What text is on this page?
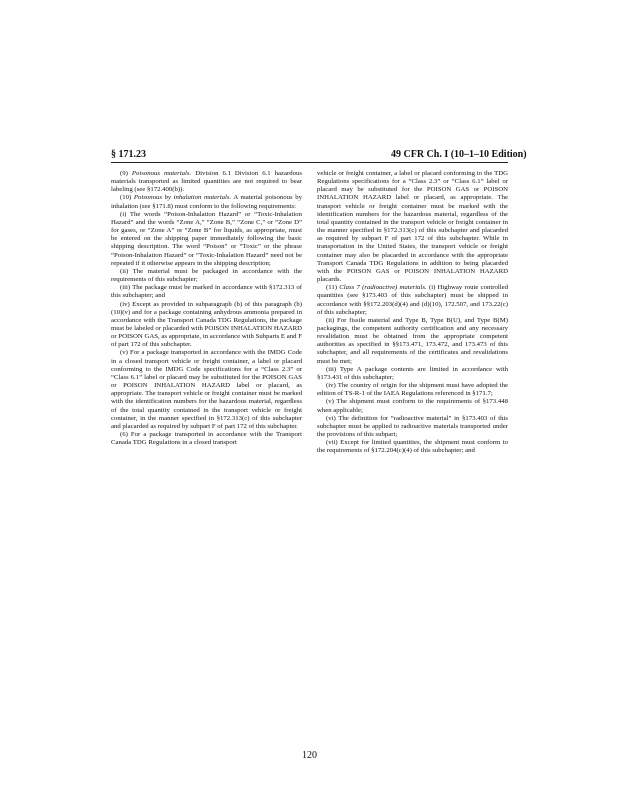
§ 171.23	49 CFR Ch. I (10–1–10 Edition)

(9) Poisonous materials. Division 6.1 Division 6.1 hazardous materials transported as limited quantities are not required to bear labeling (see §172.400(b)).

(10) Poisonous by inhalation materials. A material poisonous by inhalation (see §171.8) must conform to the following requirements:

(i) The words “Poison-Inhalation Hazard” or “Toxic-Inhalation Hazard” and the words “Zone A,” “Zone B,” “Zone C,” or “Zone D” for gases, or “Zone A” or “Zone B” for liquids, as appropriate, must be entered on the shipping paper immediately following the basic shipping description. The word “Poison” or “Toxic” or the phrase “Poison-Inhalation Hazard” or “Toxic-Inhalation Hazard” need not be repeated if it otherwise appears in the shipping description;

(ii) The material must be packaged in accordance with the requirements of this subchapter;

(iii) The package must be marked in accordance with §172.313 of this subchapter; and

(iv) Except as provided in subparagraph (b) of this paragraph (b)(10)(v) and for a package containing anhydrous ammonia prepared in accordance with the Transport Canada TDG Regulations, the package must be labeled or placarded with POISON INHALATION HAZARD or POISON GAS, as appropriate, in accordance with Subparts E and F of part 172 of this subchapter.

(v) For a package transported in accordance with the IMDG Code in a closed transport vehicle or freight container, a label or placard conforming to the IMDG Code specifications for a “Class 2.3” or “Class 6.1” label or placard may be substituted for the POISON GAS or POISON INHALATION HAZARD label or placard, as appropriate. The transport vehicle or freight container must be marked with the identification numbers for the hazardous material, regardless of the total quantity contained in the transport vehicle or freight container, in the manner specified in §172.313(c) of this subchapter and placarded as required by subpart F of part 172 of this subchapter.

(6) For a package transported in accordance with the Transport Canada TDG Regulations in a closed transport

vehicle or freight container, a label or placard conforming to the TDG Regulations specifications for a “Class 2.3” or “Class 6.1” label or placard may be substituted for the POISON GAS or POISON INHALATION HAZARD label or placard, as appropriate. The transport vehicle or freight container must be marked with the identification numbers for the hazardous material, regardless of the total quantity contained in the transport vehicle or freight container in the manner specified in §172.313(c) of this subchapter and placarded as required by subpart F of part 172 of this subchapter. While in transportation in the United States, the transport vehicle or freight container may also be placarded in accordance with the appropriate Transport Canada TDG Regulations in addition to being placarded with the POISON GAS or POISON INHALATION HAZARD placards.

(11) Class 7 (radioactive) materials. (i) Highway route controlled quantities (see §173.403 of this subchapter) must be shipped in accordance with §§172.203(d)(4) and (d)(10), 172.507, and 173.22(c) of this subchapter;

(ii) For fissile material and Type B, Type B(U), and Type B(M) packagings, the competent authority certification and any necessary revalidation must be obtained from the appropriate competent authorities as specified in §§173.471, 173.472, and 173.473 of this subchapter, and all requirements of the certificates and revalidations must be met;

(iii) Type A package contents are limited in accordance with §173.431 of this subchapter;

(iv) The country of origin for the shipment must have adopted the edition of TS-R-1 of the IAEA Regulations referenced in §171.7;

(v) The shipment must conform to the requirements of §173.448 when applicable;

(vi) The definition for “radioactive material” in §173.403 of this subchapter must be applied to radioactive materials transported under the provisions of this subpart;

(vii) Except for limited quantities, the shipment must conform to the requirements of §172.204(c)(4) of this subchapter; and

120
